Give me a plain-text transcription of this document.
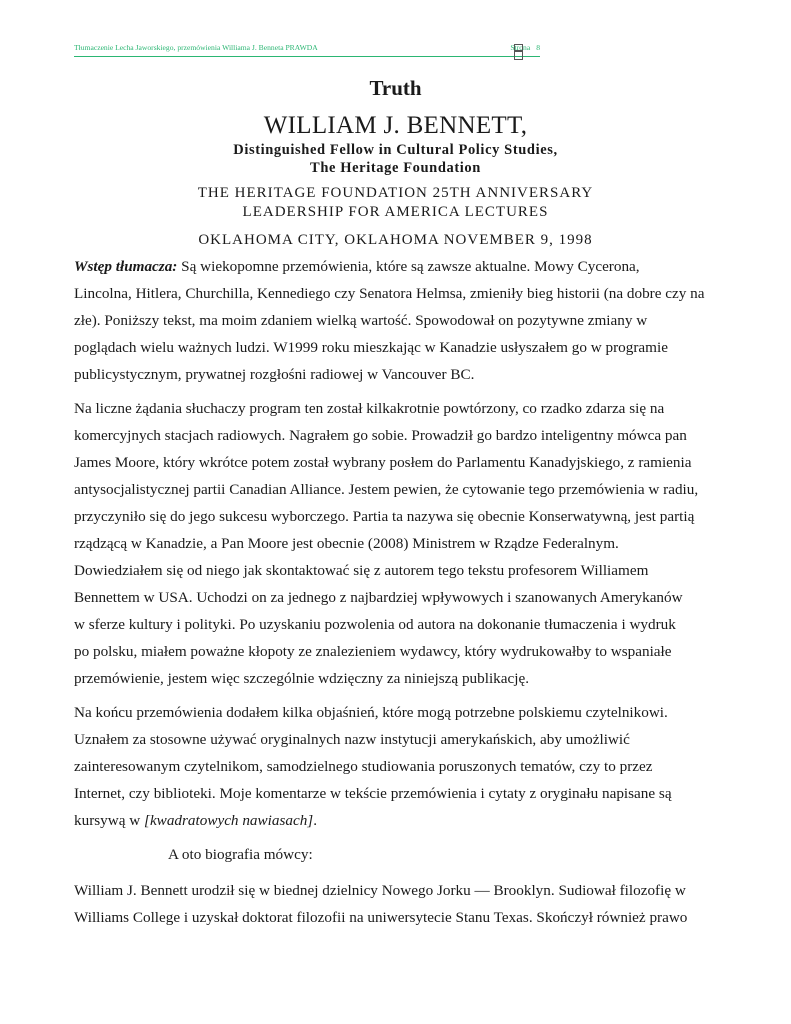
Tłumaczenie Lecha Jaworskiego, przemówienia Williama J. Benneta PRAWDA	Strona 8
Truth
WILLIAM J. BENNETT,
Distinguished Fellow in Cultural Policy Studies,
The Heritage Foundation
THE HERITAGE FOUNDATION 25TH ANNIVERSARY
LEADERSHIP FOR AMERICA LECTURES
OKLAHOMA CITY, OKLAHOMA NOVEMBER 9, 1998

Wstęp tłumacza: Są wiekopomne przemówienia, które są zawsze aktualne. Mowy Cycerona,
Lincolna, Hitlera, Churchilla, Kennediego czy Senatora Helmsa, zmieniły bieg historii (na dobre czy na
złe). Poniższy tekst, ma moim zdaniem wielką wartość. Spowodował on pozytywne zmiany w
poglądach wielu ważnych ludzi. W1999 roku mieszkając w Kanadzie usłyszałem go w programie
publicystycznym, prywatnej rozgłośni radiowej w Vancouver BC.

Na liczne żądania słuchaczy program ten został kilkakrotnie powtórzony, co rzadko zdarza się na
komercyjnych stacjach radiowych. Nagrałem go sobie. Prowadził go bardzo inteligentny mówca pan
James Moore, który wkrótce potem został wybrany posłem do Parlamentu Kanadyjskiego, z ramienia
antysocjalistycznej partii Canadian Alliance. Jestem pewien, że cytowanie tego przemówienia w radiu,
przyczyniło się do jego sukcesu wyborczego. Partia ta nazywa się obecnie Konserwatywną, jest partią
rządzącą w Kanadzie, a Pan Moore jest obecnie (2008) Ministrem w Rządze Federalnym.
Dowiedziałem się od niego jak skontaktować się z autorem tego tekstu profesorem Williamem
Bennettem w USA. Uchodzi on za jednego z najbardziej wpływowych i szanowanych Amerykanów
w sferze kultury i polityki. Po uzyskaniu pozwolenia od autora na dokonanie tłumaczenia i wydruk
po polsku, miałem poważne kłopoty ze znalezieniem wydawcy, który wydrukowałby to wspaniałe
przemówienie, jestem więc szczególnie wdzięczny za niniejszą publikację.

Na końcu przemówienia dodałem kilka objaśnień, które mogą potrzebne polskiemu czytelnikowi.
Uznałem za stosowne używać oryginalnych nazw instytucji amerykańskich, aby umożliwić
zainteresowanym czytelnikom, samodzielnego studiowania poruszonych tematów, czy to przez
Internet, czy biblioteki. Moje komentarze w tekście przemówienia i cytaty z oryginału napisane są
kursywą w [kwadratowych nawiasach].

A oto biografia mówcy:

William J. Bennett urodził się w biednej dzielnicy Nowego Jorku — Brooklyn. Sudiował filozofię w
Williams College i uzyskał doktorat filozofii na uniwersytecie Stanu Texas. Skończył również prawo
